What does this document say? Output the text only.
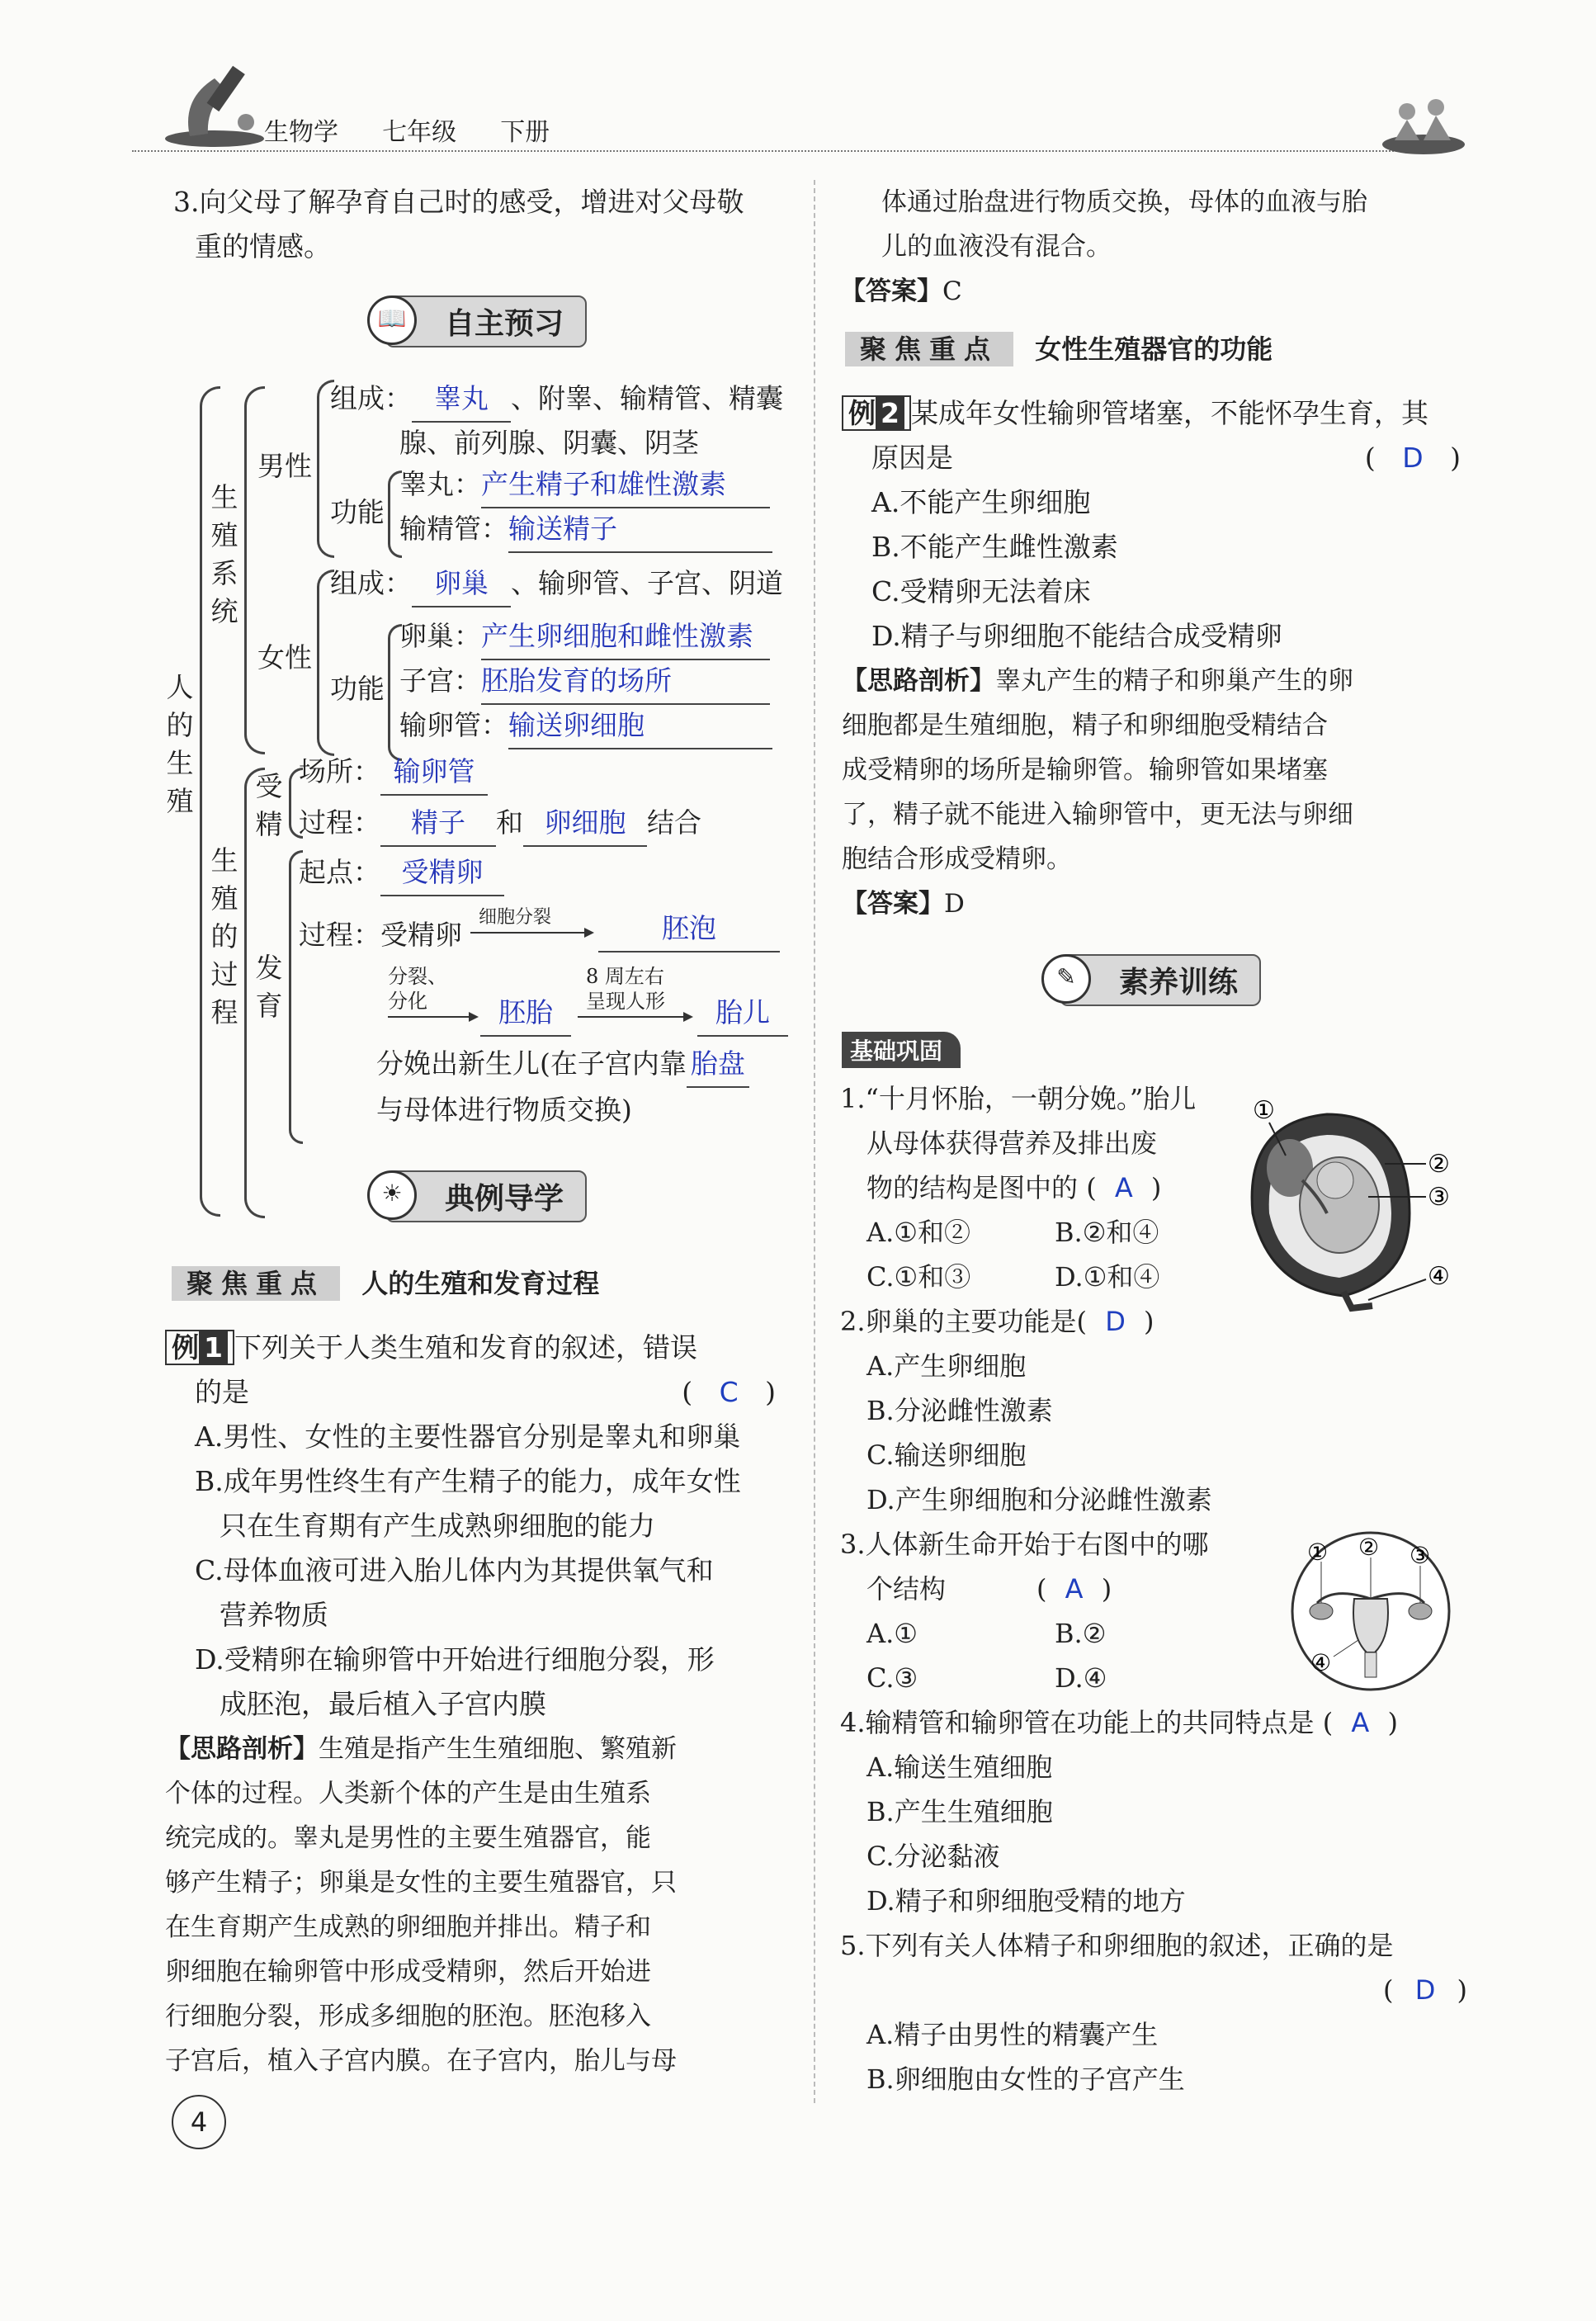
生物学 七年级 下册
3.向父母了解孕育自己时的感受，增进对父母敬
重的情感。
📖	自主预习
人
的
生
殖
生
殖
系
统
男性
组成： 睾丸 、附睾、输精管、精囊
腺、前列腺、阴囊、阴茎
功能
睾丸：产生精子和雄性激素
输精管：输送精子
女性
组成： 卵巢 、输卵管、子宫、阴道
功能
卵巢：产生卵细胞和雌性激素
子宫：胚胎发育的场所
输卵管：输送卵细胞
生
殖
的
过
程
受
精
场所： 输卵管
过程： 精子 和 卵细胞 结合
发
育
起点： 受精卵
过程：受精卵
细胞分裂	胚泡
分裂、
分化	胚胎
8 周左右
呈现人形	胎儿
分娩出新生儿(在子宫内靠 胎盘
与母体进行物质交换)
☀	典例导学
聚焦重点 人的生殖和发育过程
例 1 下列关于人类生殖和发育的叙述，错误
的是	( C )
A.男性、女性的主要性器官分别是睾丸和卵巢
B.成年男性终生有产生精子的能力，成年女性
只在生育期有产生成熟卵细胞的能力
C.母体血液可进入胎儿体内为其提供氧气和
营养物质
D.受精卵在输卵管中开始进行细胞分裂，形
成胚泡，最后植入子宫内膜
【思路剖析】生殖是指产生生殖细胞、繁殖新
个体的过程。人类新个体的产生是由生殖系
统完成的。睾丸是男性的主要生殖器官，能
够产生精子；卵巢是女性的主要生殖器官，只
在生育期产生成熟的卵细胞并排出。精子和
卵细胞在输卵管中形成受精卵，然后开始进
行细胞分裂，形成多细胞的胚泡。胚泡移入
子宫后，植入子宫内膜。在子宫内，胎儿与母
体通过胎盘进行物质交换，母体的血液与胎
儿的血液没有混合。
【答案】C
聚焦重点 女性生殖器官的功能
例 2 某成年女性输卵管堵塞，不能怀孕生育，其
原因是	( D )
A.不能产生卵细胞
B.不能产生雌性激素
C.受精卵无法着床
D.精子与卵细胞不能结合成受精卵
【思路剖析】睾丸产生的精子和卵巢产生的卵
细胞都是生殖细胞，精子和卵细胞受精结合
成受精卵的场所是输卵管。输卵管如果堵塞
了，精子就不能进入输卵管中，更无法与卵细
胞结合形成受精卵。
【答案】D
✎	素养训练
基础巩固
1.“十月怀胎，一朝分娩。”胎儿
从母体获得营养及排出废
物的结构是图中的 ( A )
A.①和②	B.②和④
C.①和③	D.①和④
2.卵巢的主要功能是( D )
A.产生卵细胞
B.分泌雌性激素
C.输送卵细胞
D.产生卵细胞和分泌雌性激素
3.人体新生命开始于右图中的哪
个结构	( A )
A.①	B.②
C.③	D.④
4.输精管和输卵管在功能上的共同特点是 ( A )
A.输送生殖细胞
B.产生生殖细胞
C.分泌黏液
D.精子和卵细胞受精的地方
5.下列有关人体精子和卵细胞的叙述，正确的是
( D )
A.精子由男性的精囊产生
B.卵细胞由女性的子宫产生
①
②
③
④
① ② ③
④
4
